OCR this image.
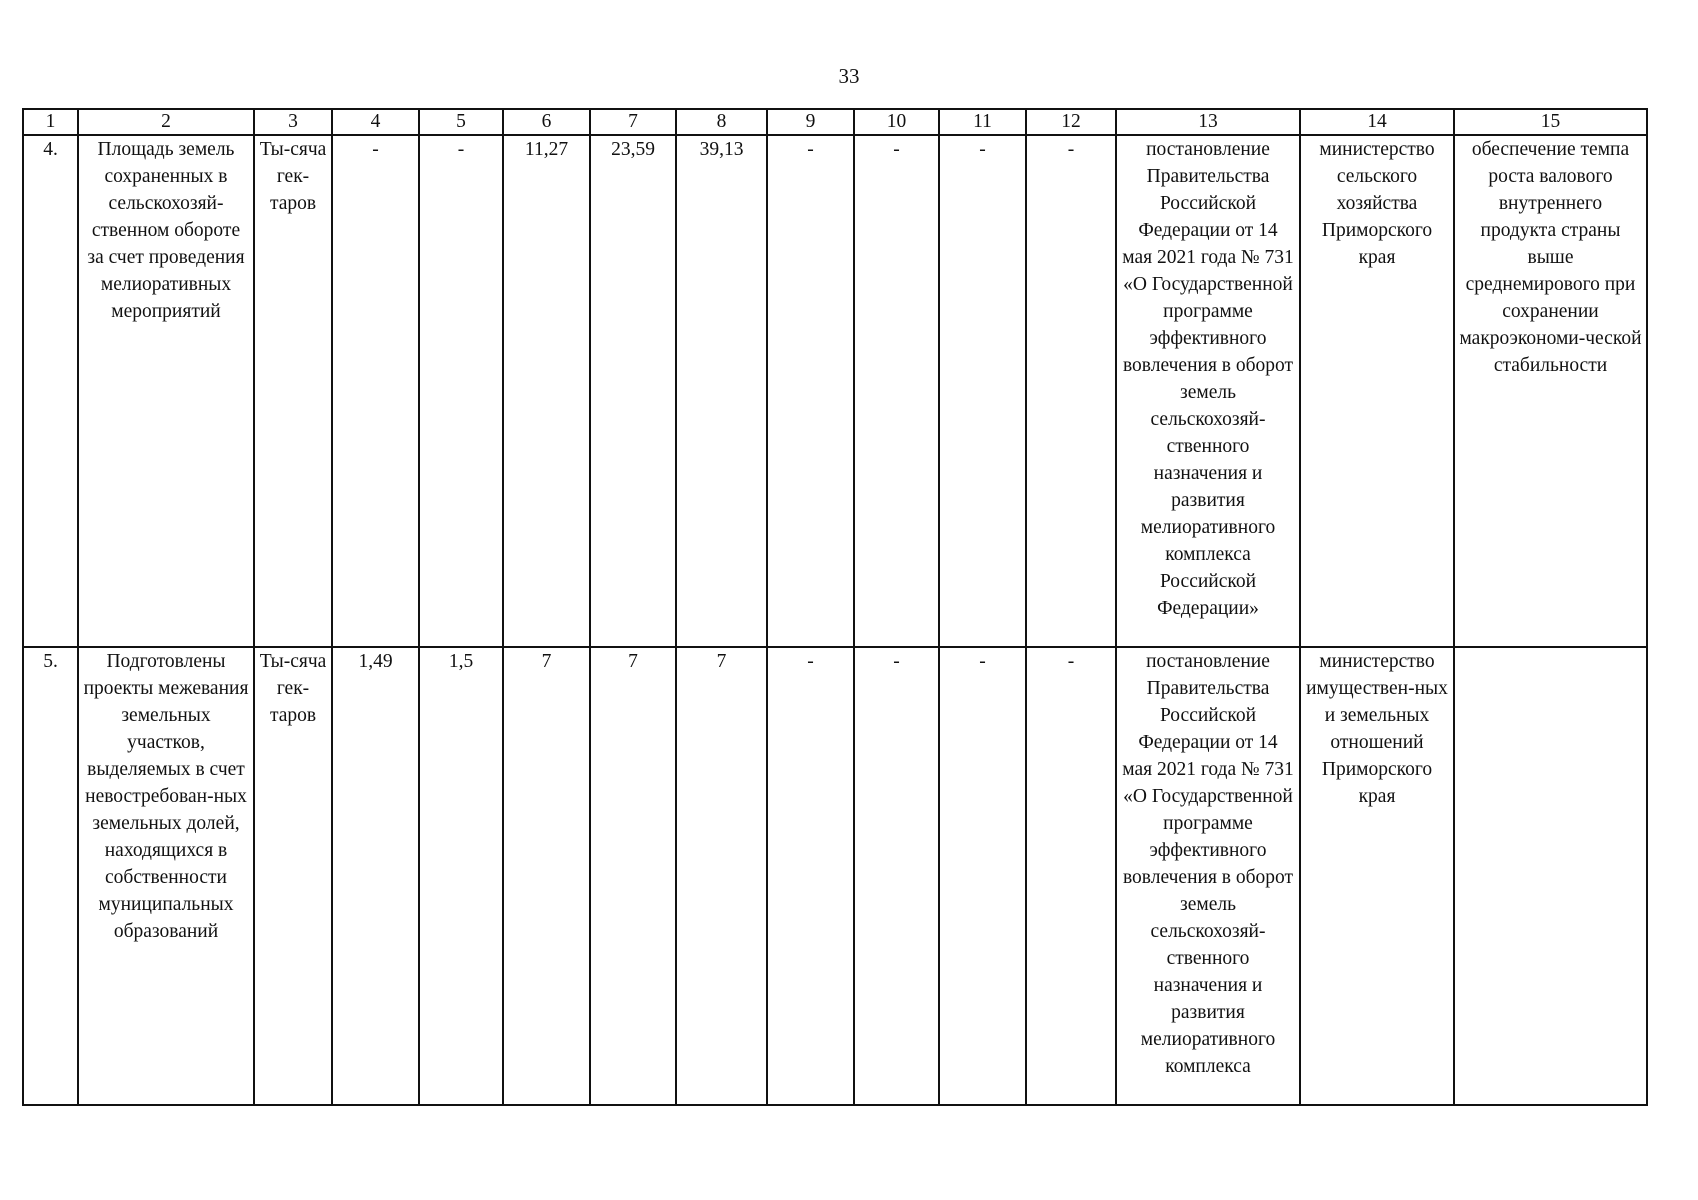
33
1	2	3	4	5	6	7	8	9	10	11	12	13	14	15
4.	Площадь земель сохраненных в сельскохозяй-ственном обороте за счет проведения мелиоративных мероприятий	Ты-сяча гек-таров	-	-	11,27	23,59	39,13	-	-	-	-	постановление Правительства Российской Федерации от 14 мая 2021 года № 731 «О Государственной программе эффективного вовлечения в оборот земель сельскохозяй-ственного назначения и развития мелиоративного комплекса Российской Федерации»	министерство сельского хозяйства Приморского края	обеспечение темпа роста валового внутреннего продукта страны выше среднемирового при сохранении макроэкономи-ческой стабильности
5.	Подготовлены проекты межевания земельных участков, выделяемых в счет невостребован-ных земельных долей, находящихся в собственности муниципальных образований	Ты-сяча гек-таров	1,49	1,5	7	7	7	-	-	-	-	постановление Правительства Российской Федерации от 14 мая 2021 года № 731 «О Государственной программе эффективного вовлечения в оборот земель сельскохозяй-ственного назначения и развития мелиоративного комплекса	министерство имуществен-ных и земельных отношений Приморского края	
